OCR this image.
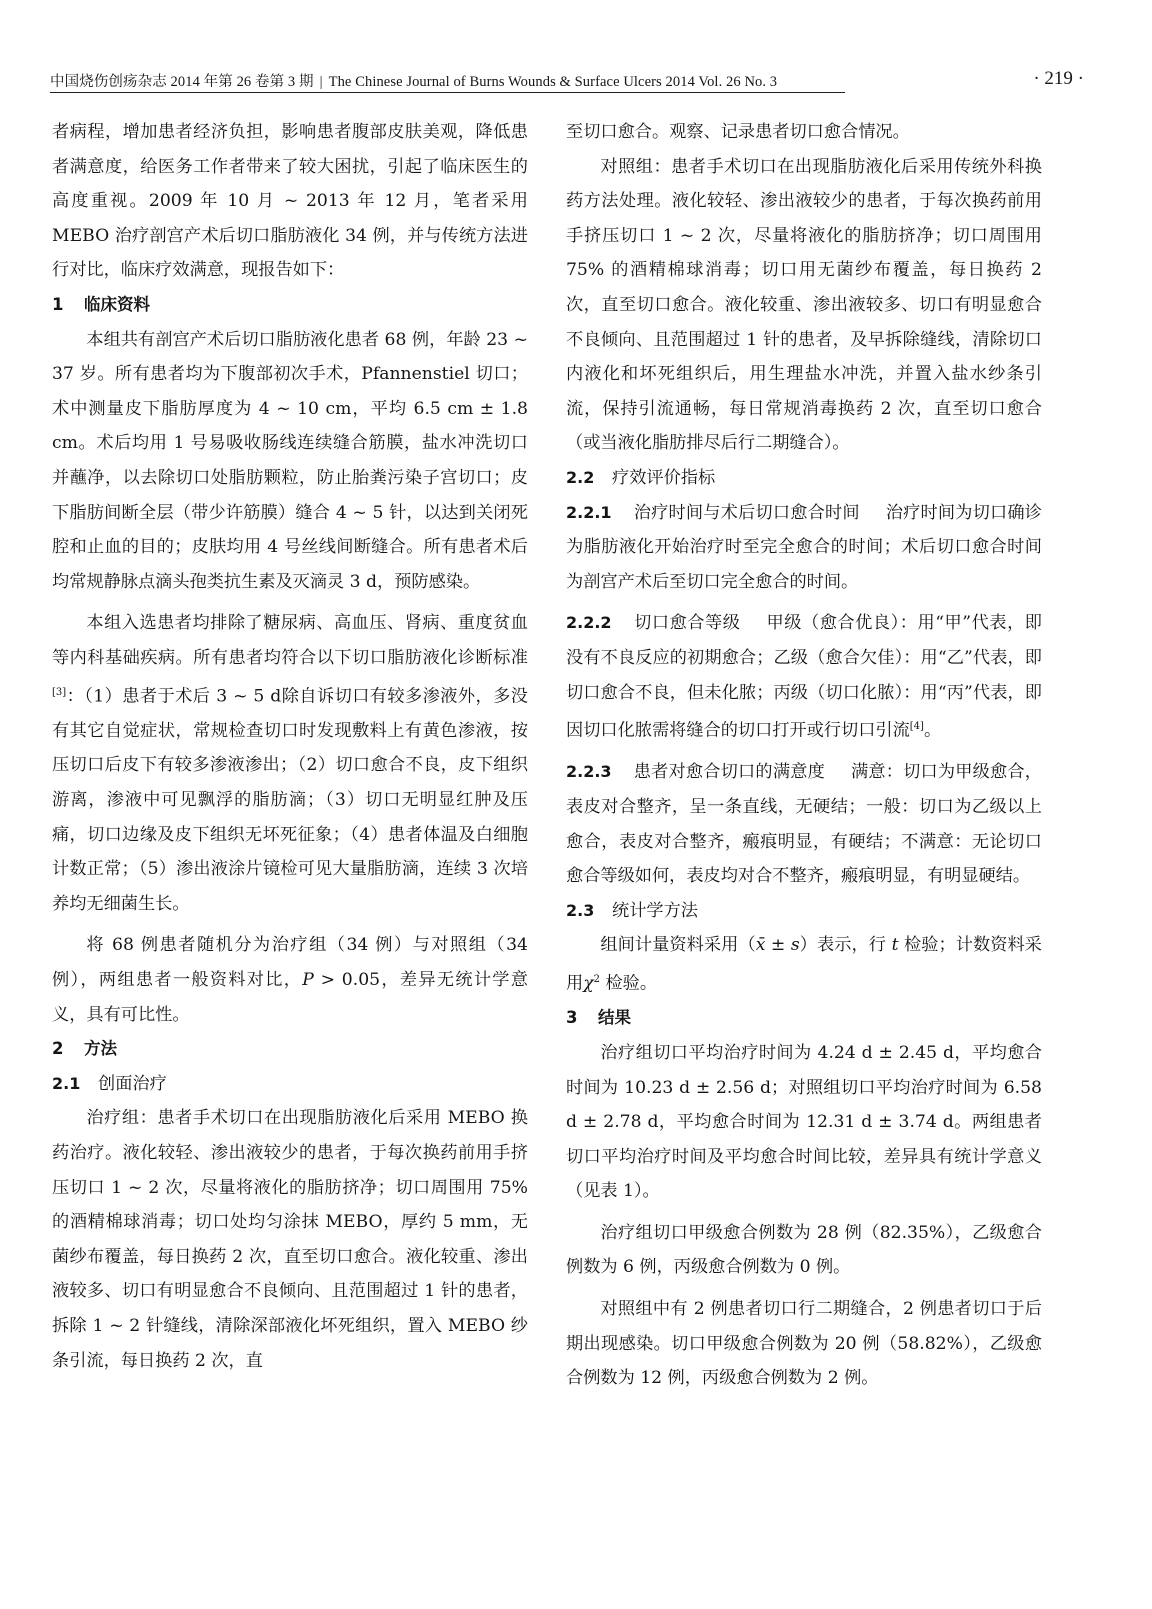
中国烧伤创疡杂志 2014 年第 26 卷第 3 期 | The Chinese Journal of Burns Wounds & Surface Ulcers 2014 Vol. 26 No. 3	· 219 ·

者病程，增加患者经济负担，影响患者腹部皮肤美观，降低患者满意度，给医务工作者带来了较大困扰，引起了临床医生的高度重视。2009 年 10 月 ~ 2013 年 12 月，笔者采用 MEBO 治疗剖宫产术后切口脂肪液化 34 例，并与传统方法进行对比，临床疗效满意，现报告如下：

1 临床资料

本组共有剖宫产术后切口脂肪液化患者 68 例，年龄 23 ~ 37 岁。所有患者均为下腹部初次手术，Pfannenstiel 切口；术中测量皮下脂肪厚度为 4 ~ 10 cm，平均 6.5 cm ± 1.8 cm。术后均用 1 号易吸收肠线连续缝合筋膜，盐水冲洗切口并蘸净，以去除切口处脂肪颗粒，防止胎粪污染子宫切口；皮下脂肪间断全层（带少许筋膜）缝合 4 ~ 5 针，以达到关闭死腔和止血的目的；皮肤均用 4 号丝线间断缝合。所有患者术后均常规静脉点滴头孢类抗生素及灭滴灵 3 d，预防感染。

本组入选患者均排除了糖尿病、高血压、肾病、重度贫血等内科基础疾病。所有患者均符合以下切口脂肪液化诊断标准[3]：（1）患者于术后 3 ~ 5 d除自诉切口有较多渗液外，多没有其它自觉症状，常规检查切口时发现敷料上有黄色渗液，按压切口后皮下有较多渗液渗出；（2）切口愈合不良，皮下组织游离，渗液中可见飘浮的脂肪滴；（3）切口无明显红肿及压痛，切口边缘及皮下组织无坏死征象；（4）患者体温及白细胞计数正常；（5）渗出液涂片镜检可见大量脂肪滴，连续 3 次培养均无细菌生长。

将 68 例患者随机分为治疗组（34 例）与对照组（34 例），两组患者一般资料对比，P > 0.05，差异无统计学意义，具有可比性。

2 方法
2.1 创面治疗

治疗组：患者手术切口在出现脂肪液化后采用 MEBO 换药治疗。液化较轻、渗出液较少的患者，于每次换药前用手挤压切口 1 ~ 2 次，尽量将液化的脂肪挤净；切口周围用 75% 的酒精棉球消毒；切口处均匀涂抹 MEBO，厚约 5 mm，无菌纱布覆盖，每日换药 2 次，直至切口愈合。液化较重、渗出液较多、切口有明显愈合不良倾向、且范围超过 1 针的患者，拆除 1 ~ 2 针缝线，清除深部液化坏死组织，置入 MEBO 纱条引流，每日换药 2 次，直

至切口愈合。观察、记录患者切口愈合情况。

对照组：患者手术切口在出现脂肪液化后采用传统外科换药方法处理。液化较轻、渗出液较少的患者，于每次换药前用手挤压切口 1 ~ 2 次，尽量将液化的脂肪挤净；切口周围用 75% 的酒精棉球消毒；切口用无菌纱布覆盖，每日换药 2 次，直至切口愈合。液化较重、渗出液较多、切口有明显愈合不良倾向、且范围超过 1 针的患者，及早拆除缝线，清除切口内液化和坏死组织后，用生理盐水冲洗，并置入盐水纱条引流，保持引流通畅，每日常规消毒换药 2 次，直至切口愈合（或当液化脂肪排尽后行二期缝合）。

2.2 疗效评价指标

2.2.1 治疗时间与术后切口愈合时间 治疗时间为切口确诊为脂肪液化开始治疗时至完全愈合的时间；术后切口愈合时间为剖宫产术后至切口完全愈合的时间。

2.2.2 切口愈合等级 甲级（愈合优良）：用“甲”代表，即没有不良反应的初期愈合；乙级（愈合欠佳）：用“乙”代表，即切口愈合不良，但未化脓；丙级（切口化脓）：用“丙”代表，即因切口化脓需将缝合的切口打开或行切口引流[4]。

2.2.3 患者对愈合切口的满意度 满意：切口为甲级愈合，表皮对合整齐，呈一条直线，无硬结；一般：切口为乙级以上愈合，表皮对合整齐，瘢痕明显，有硬结；不满意：无论切口愈合等级如何，表皮均对合不整齐，瘢痕明显，有明显硬结。

2.3 统计学方法

组间计量资料采用（x̄ ± s）表示，行 t 检验；计数资料采用$\chi^2$ 检验。

3 结果

治疗组切口平均治疗时间为 4.24 d ± 2.45 d，平均愈合时间为 10.23 d ± 2.56 d；对照组切口平均治疗时间为 6.58 d ± 2.78 d，平均愈合时间为 12.31 d ± 3.74 d。两组患者切口平均治疗时间及平均愈合时间比较，差异具有统计学意义（见表 1）。

治疗组切口甲级愈合例数为 28 例（82.35%），乙级愈合例数为 6 例，丙级愈合例数为 0 例。

对照组中有 2 例患者切口行二期缝合，2 例患者切口于后期出现感染。切口甲级愈合例数为 20 例（58.82%），乙级愈合例数为 12 例，丙级愈合例数为 2 例。
